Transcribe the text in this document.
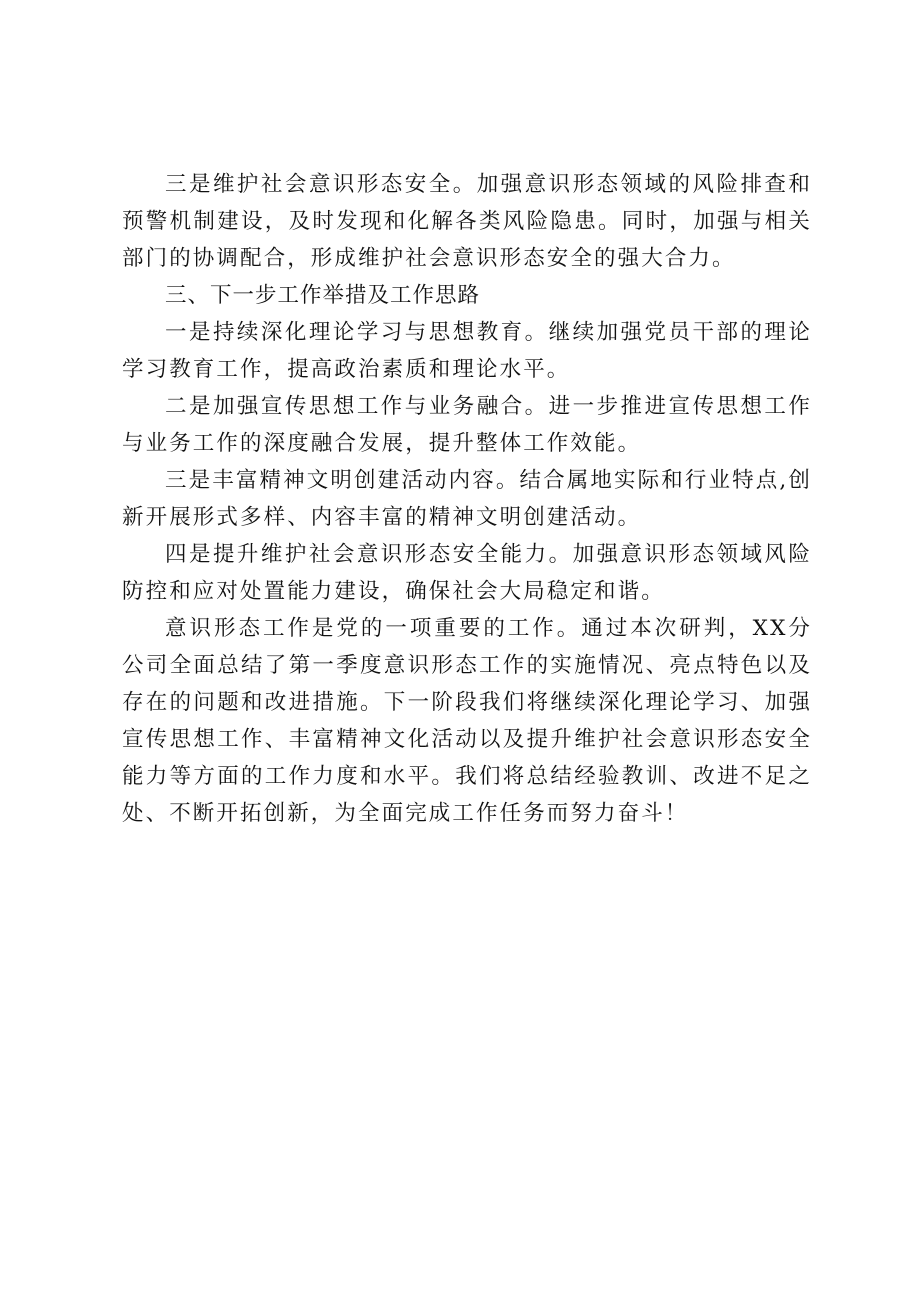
三是维护社会意识形态安全。加强意识形态领域的风险排查和预警机制建设，及时发现和化解各类风险隐患。同时，加强与相关部门的协调配合，形成维护社会意识形态安全的强大合力。

三、下一步工作举措及工作思路

一是持续深化理论学习与思想教育。继续加强党员干部的理论学习教育工作，提高政治素质和理论水平。

二是加强宣传思想工作与业务融合。进一步推进宣传思想工作与业务工作的深度融合发展，提升整体工作效能。

三是丰富精神文明创建活动内容。结合属地实际和行业特点,创新开展形式多样、内容丰富的精神文明创建活动。

四是提升维护社会意识形态安全能力。加强意识形态领域风险防控和应对处置能力建设，确保社会大局稳定和谐。

意识形态工作是党的一项重要的工作。通过本次研判，XX分公司全面总结了第一季度意识形态工作的实施情况、亮点特色以及存在的问题和改进措施。下一阶段我们将继续深化理论学习、加强宣传思想工作、丰富精神文化活动以及提升维护社会意识形态安全能力等方面的工作力度和水平。我们将总结经验教训、改进不足之处、不断开拓创新，为全面完成工作任务而努力奋斗！
